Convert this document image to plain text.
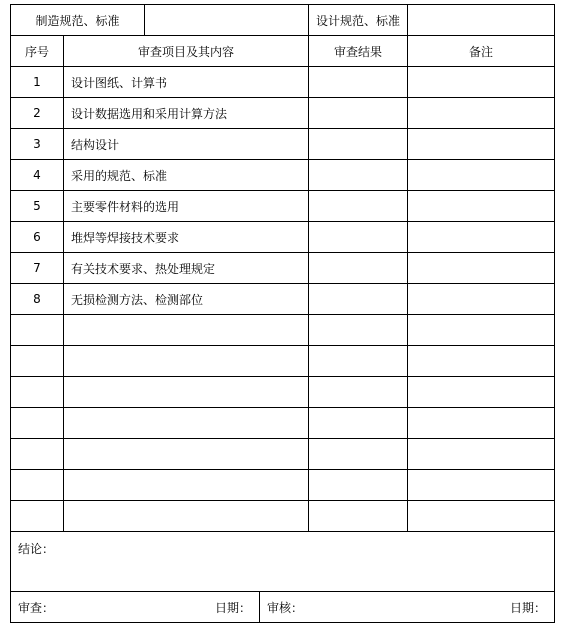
制造规范、标准				设计规范、标准	
序号	审查项目及其内容			审查结果	备注
1	设计图纸、计算书				
2	设计数据选用和采用计算方法				
3	结构设计				
4	采用的规范、标准				
5	主要零件材料的选用				
6	堆焊等焊接技术要求				
7	有关技术要求、热处理规定				
8	无损检测方法、检测部位				

结论：					

审查： 日期：			审核： 日期：		
